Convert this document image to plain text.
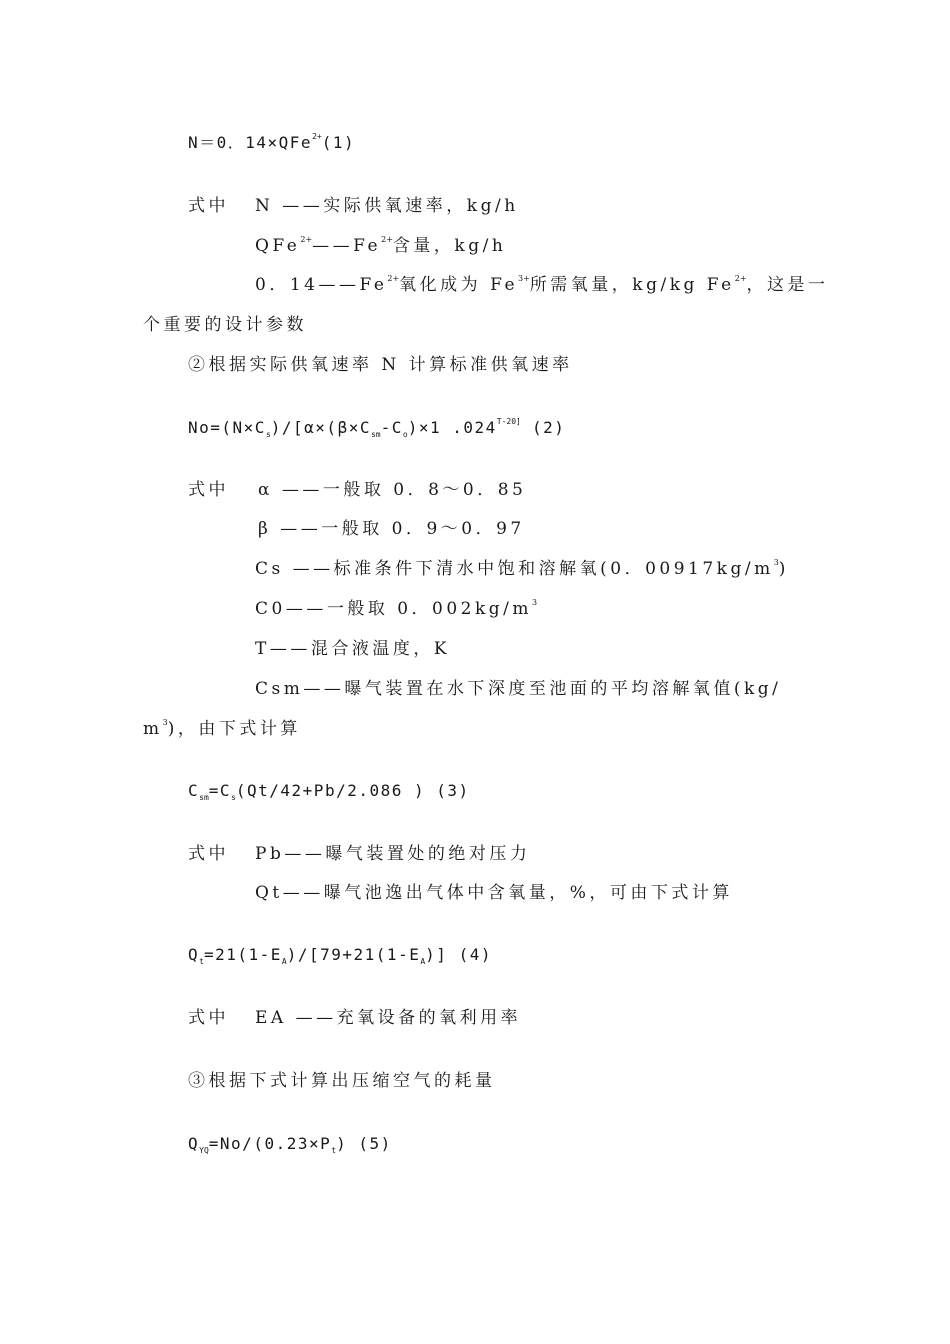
N＝0．14×QFe$^{2+}$(1)
式中 N ——实际供氧速率，kg/h
$QFe^{2+}——Fe^{2+}$含量，kg/h
0．$14——Fe^{2+}$氧化成为 $Fe^{3+}$所需氧量，kg/kg $Fe^{2+}$，这是一
个重要的设计参数
②根据实际供氧速率 N 计算标准供氧速率
$No=(N\times C_s)/[\alpha\times(\beta\times C_{sm}-C_o)\times 1$ $.024^{T-20]}$ (2)
式中 α ——一般取 0．8～0．85
β ——一般取 0．9～0．97
Cs ——标准条件下清水中饱和溶解氧(0．$00917kg/m^3$)
C0——一般取 0．$002kg/m^3$
T——混合液温度，K
Csm——曝气装置在水下深度至池面的平均溶解氧值(kg/
$m^3$)，由下式计算
$C_{sm}=C_s(Qt/42+Pb/2.086$ ) (3)
式中 Pb——曝气装置处的绝对压力
Qt——曝气池逸出气体中含氧量，%，可由下式计算
$Q_t=21(1-E_A)/[79+21(1-E_A)]$ (4)
式中 EA ——充氧设备的氧利用率
③根据下式计算出压缩空气的耗量
$Q_{YQ}=No/(0.23\times P_t)$ (5)
